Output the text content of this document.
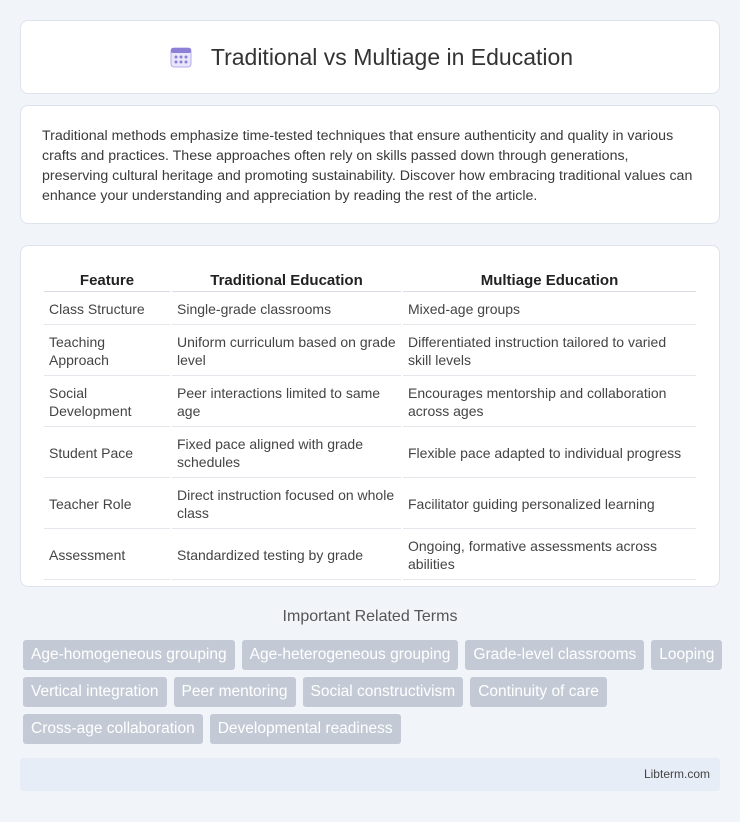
Traditional vs Multiage in Education

Traditional methods emphasize time-tested techniques that ensure authenticity and quality in various crafts and practices. These approaches often rely on skills passed down through generations, preserving cultural heritage and promoting sustainability. Discover how embracing traditional values can enhance your understanding and appreciation by reading the rest of the article.

Feature	Traditional Education	Multiage Education
Class Structure	Single-grade classrooms	Mixed-age groups
Teaching Approach	Uniform curriculum based on grade level	Differentiated instruction tailored to varied skill levels
Social Development	Peer interactions limited to same age	Encourages mentorship and collaboration across ages
Student Pace	Fixed pace aligned with grade schedules	Flexible pace adapted to individual progress
Teacher Role	Direct instruction focused on whole class	Facilitator guiding personalized learning
Assessment	Standardized testing by grade	Ongoing, formative assessments across abilities
Important Related Terms
Age-homogeneous grouping	Age-heterogeneous grouping	Grade-level classrooms	Looping
Vertical integration	Peer mentoring	Social constructivism	Continuity of care
Cross-age collaboration	Developmental readiness
Libterm.com
